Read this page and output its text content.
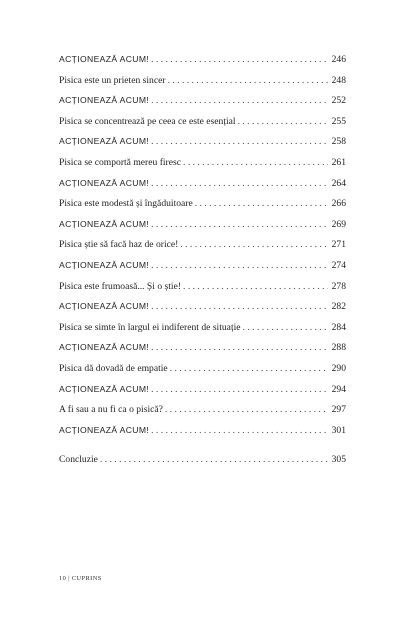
ACȚIONEAZĂ ACUM! . . .	246
Pisica este un prieten sincer . . .	248
ACȚIONEAZĂ ACUM! . . .	252
Pisica se concentrează pe ceea ce este esențial . . .	255
ACȚIONEAZĂ ACUM! . . .	258
Pisica se comportă mereu firesc . . .	261
ACȚIONEAZĂ ACUM! . . .	264
Pisica este modestă și îngăduitoare . . .	266
ACȚIONEAZĂ ACUM! . . .	269
Pisica știe să facă haz de orice! . . .	271
ACȚIONEAZĂ ACUM! . . .	274
Pisica este frumoasă... Și o știe! . . .	278
ACȚIONEAZĂ ACUM! . . .	282
Pisica se simte în largul ei indiferent de situație . . .	284
ACȚIONEAZĂ ACUM! . . .	288
Pisica dă dovadă de empatie . . .	290
ACȚIONEAZĂ ACUM! . . .	294
A fi sau a nu fi ca o pisică? . . .	297
ACȚIONEAZĂ ACUM! . . .	301
Concluzie . . .	305
10 | CUPRINS
